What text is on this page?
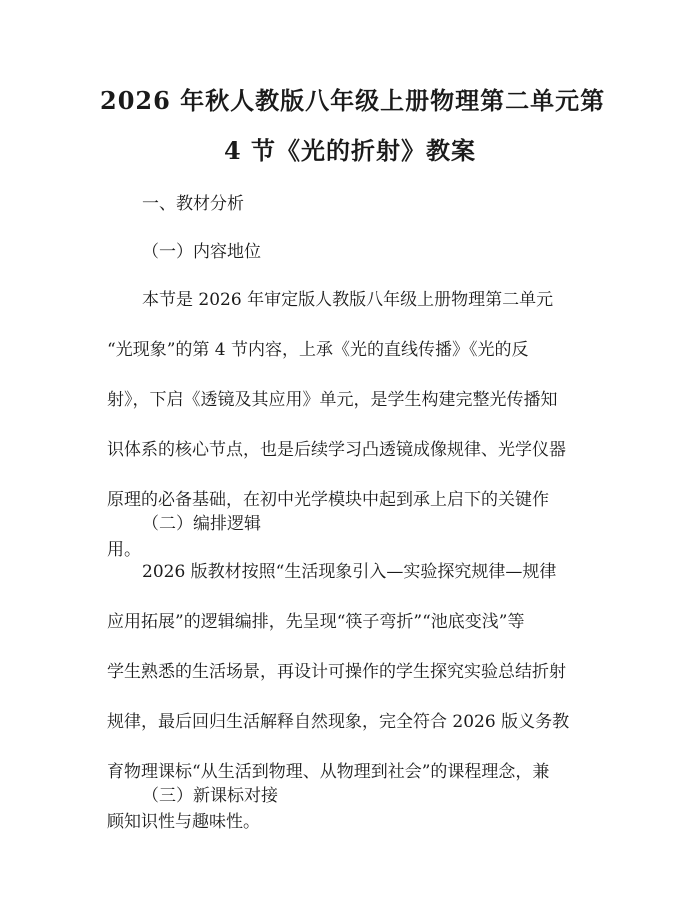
2026 年秋人教版八年级上册物理第二单元第
4 节《光的折射》教案
一、教材分析
（一）内容地位
本节是 2026 年审定版人教版八年级上册物理第二单元
“光现象”的第 4 节内容，上承《光的直线传播》《光的反
射》，下启《透镜及其应用》单元，是学生构建完整光传播知
识体系的核心节点，也是后续学习凸透镜成像规律、光学仪器
原理的必备基础，在初中光学模块中起到承上启下的关键作
用。
（二）编排逻辑
2026 版教材按照“生活现象引入—实验探究规律—规律
应用拓展”的逻辑编排，先呈现“筷子弯折”“池底变浅”等
学生熟悉的生活场景，再设计可操作的学生探究实验总结折射
规律，最后回归生活解释自然现象，完全符合 2026 版义务教
育物理课标“从生活到物理、从物理到社会”的课程理念，兼
顾知识性与趣味性。
（三）新课标对接
